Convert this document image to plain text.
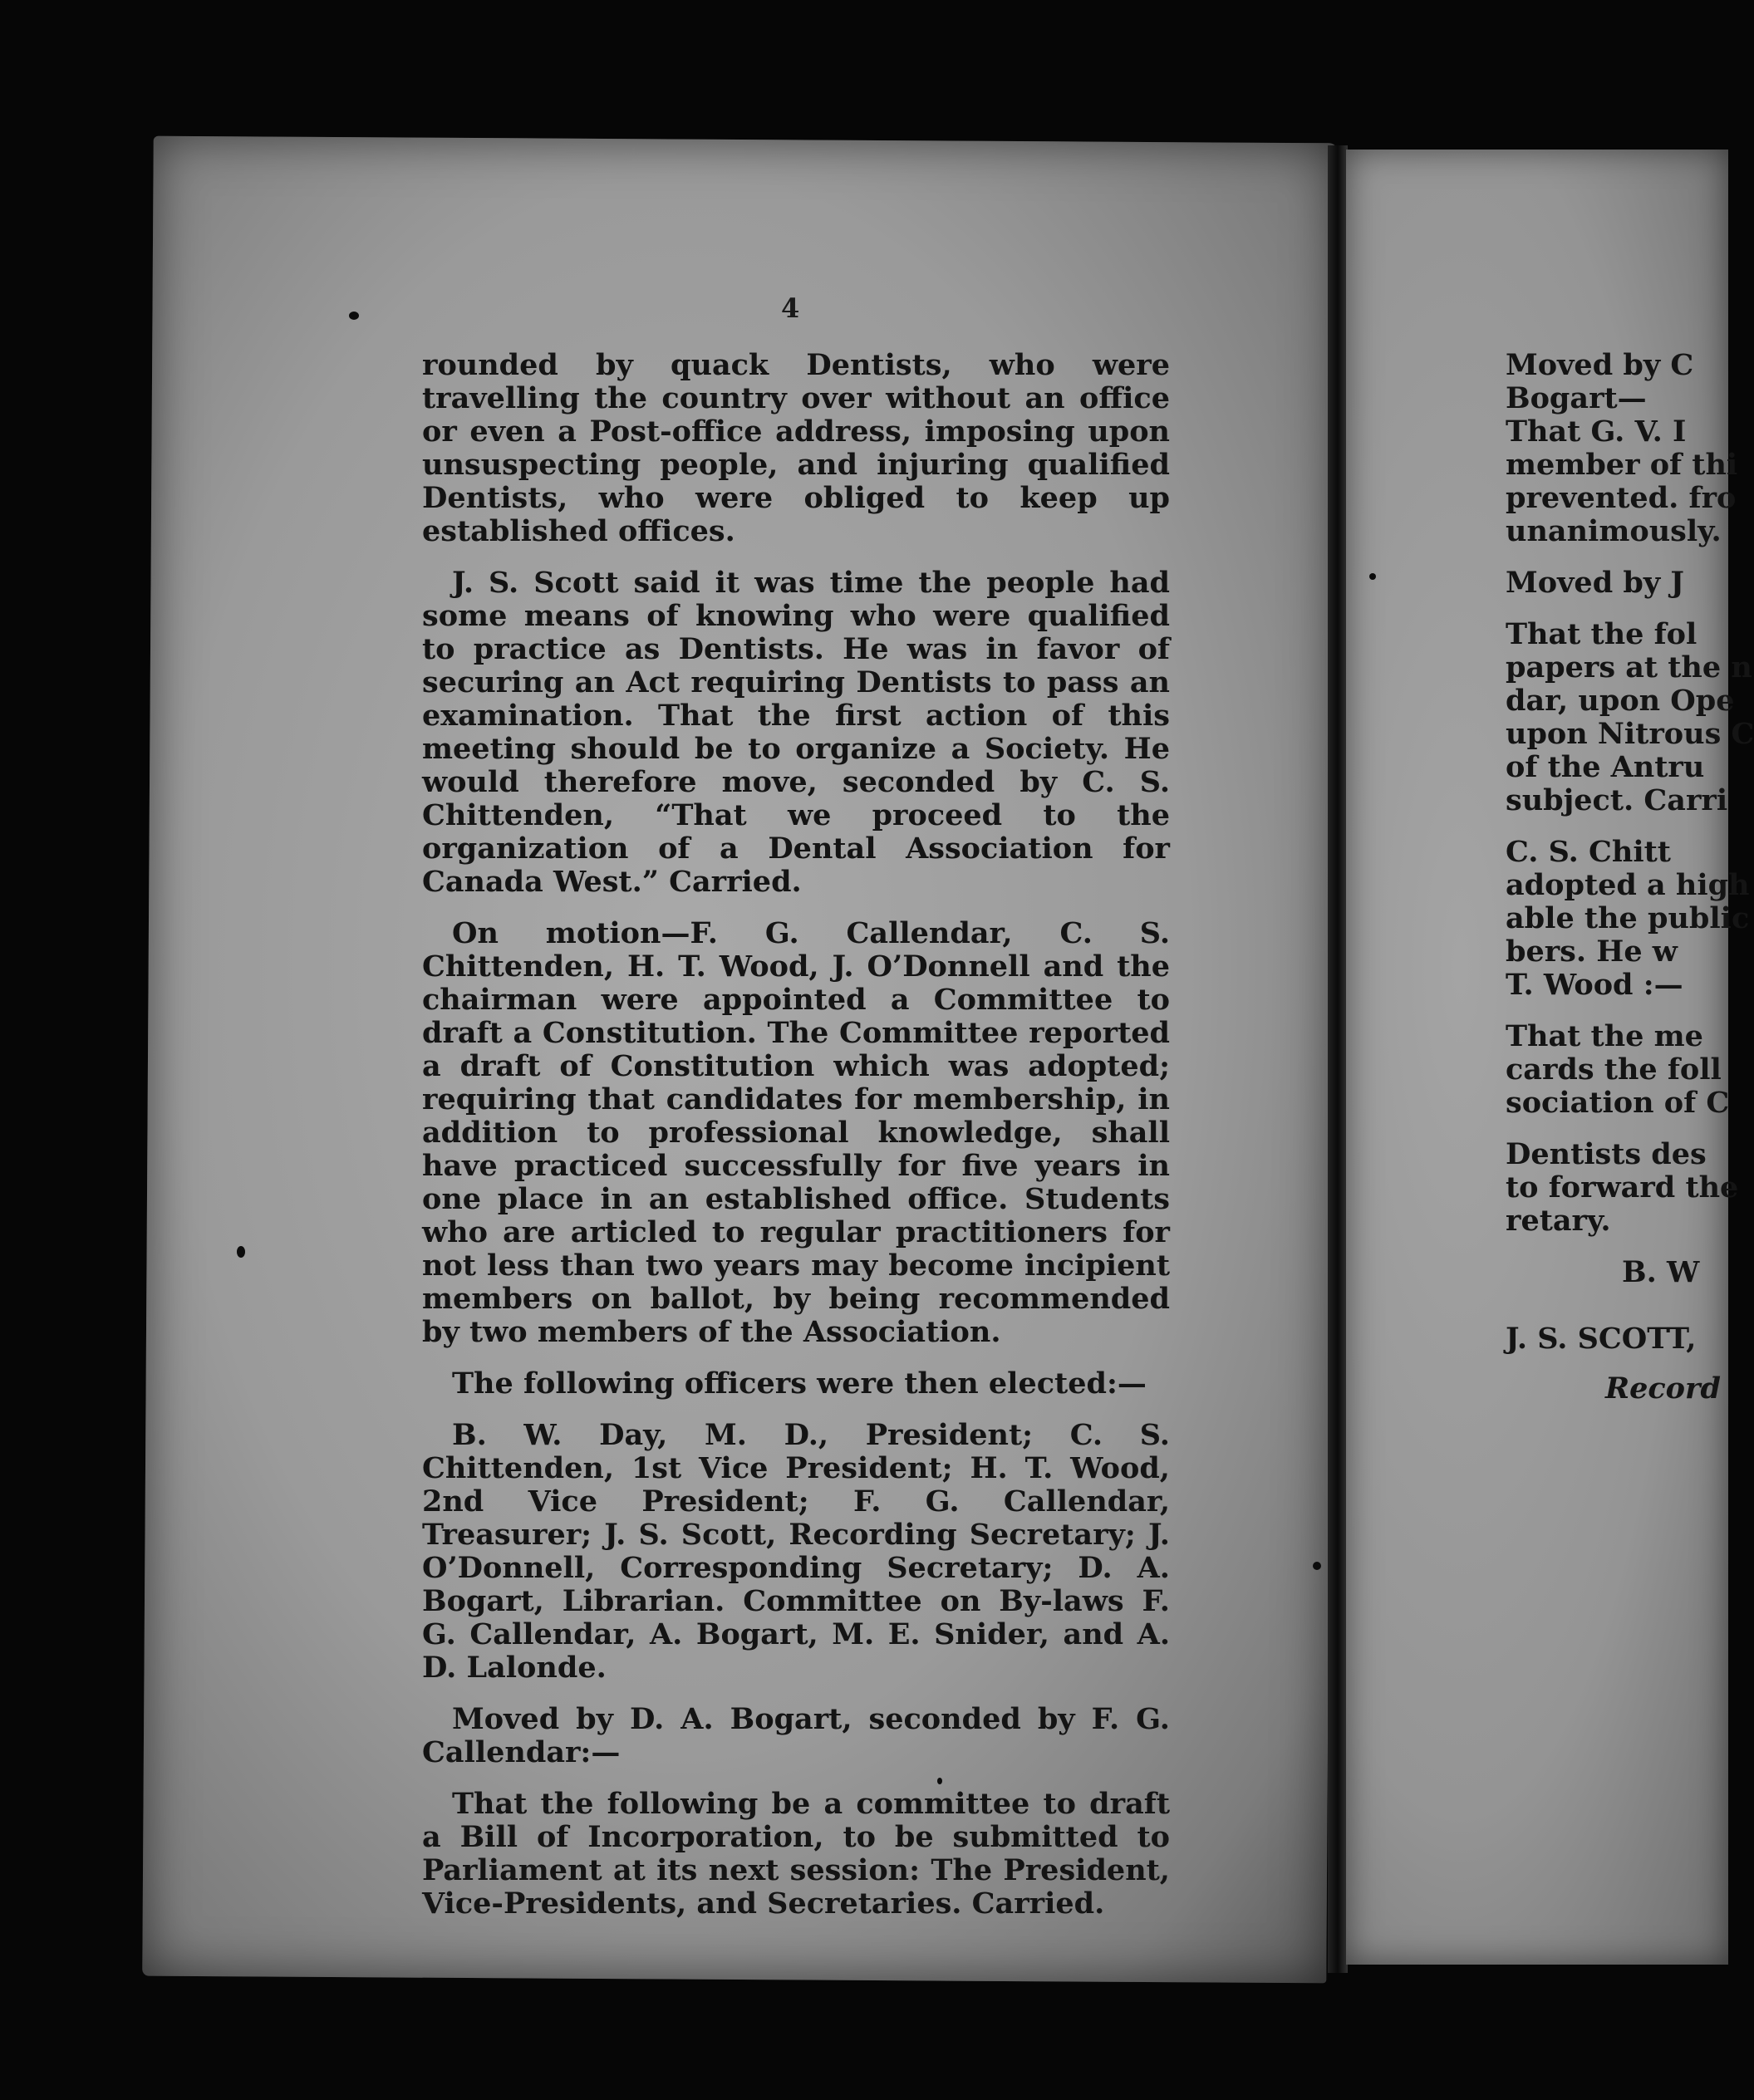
4

rounded by quack Dentists, who were travelling the country over without an office or even a Post-office address, imposing upon unsuspecting people, and injuring qualified Dentists, who were obliged to keep up established offices.

J. S. Scott said it was time the people had some means of knowing who were qualified to practice as Dentists. He was in favor of securing an Act requiring Dentists to pass an examination. That the first action of this meeting should be to organize a Society. He would therefore move, seconded by C. S. Chittenden, “That we proceed to the organization of a Dental Association for Canada West.” Carried.

On motion—F. G. Callendar, C. S. Chittenden, H. T. Wood, J. O’Donnell and the chairman were appointed a Committee to draft a Constitution. The Committee reported a draft of Constitution which was adopted; requiring that candidates for membership, in addition to professional knowledge, shall have practiced successfully for five years in one place in an established office. Students who are articled to regular practitioners for not less than two years may become incipient members on ballot, by being recommended by two members of the Association.

The following officers were then elected:—

B. W. Day, M. D., President; C. S. Chittenden, 1st Vice President; H. T. Wood, 2nd Vice President; F. G. Callendar, Treasurer; J. S. Scott, Recording Secretary; J. O’Donnell, Corresponding Secretary; D. A. Bogart, Librarian. Committee on By-laws F. G. Callendar, A. Bogart, M. E. Snider, and A. D. Lalonde.

Moved by D. A. Bogart, seconded by F. G. Callendar:—

That the following be a committee to draft a Bill of Incorporation, to be submitted to Parliament at its next session: The President, Vice-Presidents, and Secretaries. Carried.

Moved by C
Bogart—
That G. V. I
member of thi
prevented. fro
unanimously.
Moved by J
That the fol
papers at the n
dar, upon Ope
upon Nitrous C
of the Antru
subject. Carri
C. S. Chitt
adopted a high
able the public
bers. He w
T. Wood :—
That the me
cards the foll
sociation of C
Dentists des
to forward the
retary.
B. W
J. S. SCOTT,
Record
